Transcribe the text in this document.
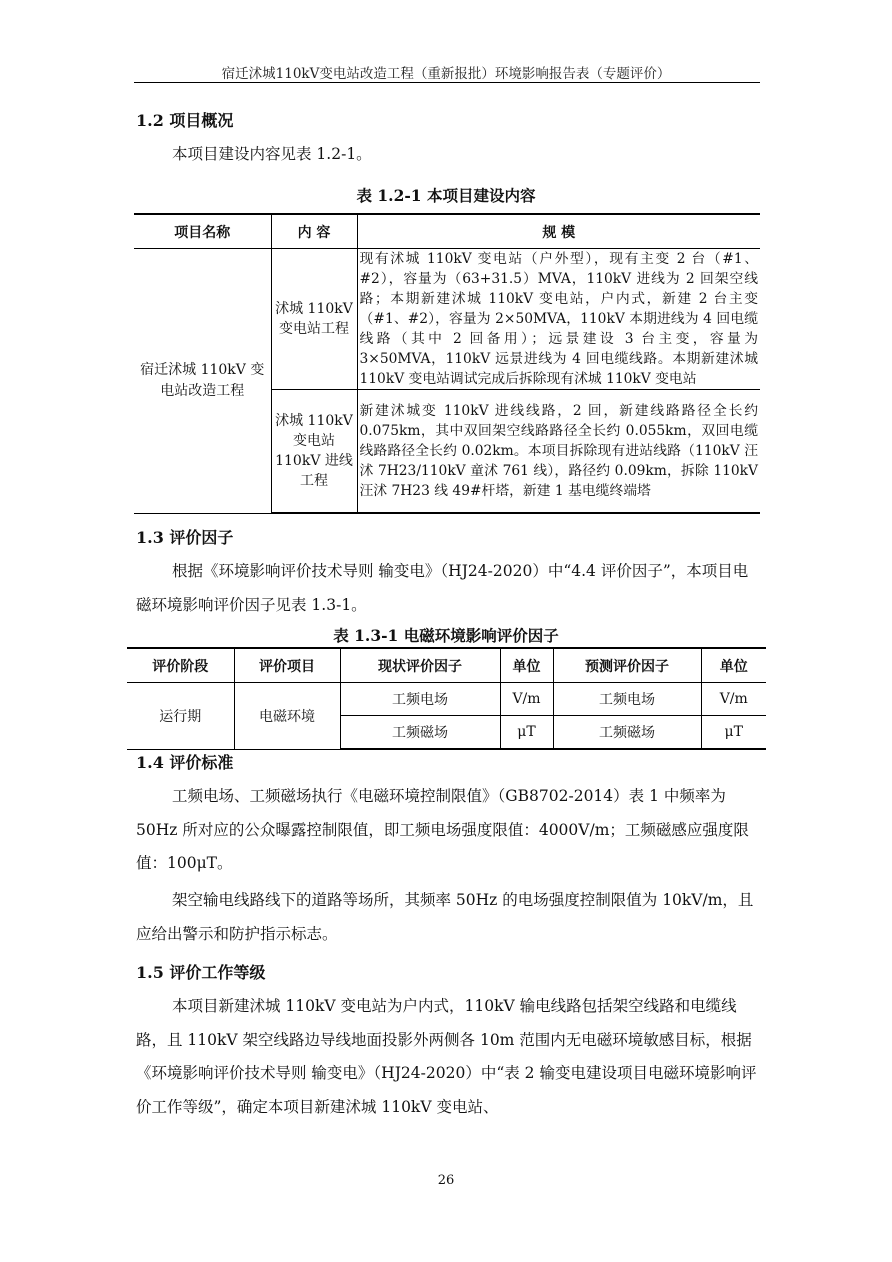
宿迁沭城110kV变电站改造工程（重新报批）环境影响报告表（专题评价）
1.2 项目概况
本项目建设内容见表 1.2-1。
表 1.2-1 本项目建设内容
项目名称	内 容	规 模
宿迁沭城 110kV 变电站改造工程	沭城 110kV 变电站工程	现有沭城 110kV 变电站（户外型），现有主变 2 台（#1、#2），容量为（63+31.5）MVA，110kV 进线为 2 回架空线路；本期新建沭城 110kV 变电站，户内式，新建 2 台主变（#1、#2），容量为 2×50MVA，110kV 本期进线为 4 回电缆线路（其中 2 回备用）；远景建设 3 台主变，容量为 3×50MVA，110kV 远景进线为 4 回电缆线路。本期新建沭城 110kV 变电站调试完成后拆除现有沭城 110kV 变电站
	沭城 110kV 变电站 110kV 进线工程	新建沭城变 110kV 进线线路，2 回，新建线路路径全长约 0.075km，其中双回架空线路路径全长约 0.055km，双回电缆线路路径全长约 0.02km。本项目拆除现有进站线路（110kV 汪沭 7H23/110kV 童沭 761 线），路径约 0.09km，拆除 110kV 汪沭 7H23 线 49#杆塔，新建 1 基电缆终端塔
1.3 评价因子
根据《环境影响评价技术导则 输变电》（HJ24-2020）中“4.4 评价因子”，本项目电磁环境影响评价因子见表 1.3-1。
表 1.3-1 电磁环境影响评价因子
评价阶段	评价项目	现状评价因子	单位	预测评价因子	单位
运行期	电磁环境	工频电场	V/m	工频电场	V/m
		工频磁场	μT	工频磁场	μT
1.4 评价标准
工频电场、工频磁场执行《电磁环境控制限值》（GB8702-2014）表 1 中频率为 50Hz 所对应的公众曝露控制限值，即工频电场强度限值：4000V/m；工频磁感应强度限值：100μT。
架空输电线路线下的道路等场所，其频率 50Hz 的电场强度控制限值为 10kV/m，且应给出警示和防护指示标志。
1.5 评价工作等级
本项目新建沭城 110kV 变电站为户内式，110kV 输电线路包括架空线路和电缆线路，且 110kV 架空线路边导线地面投影外两侧各 10m 范围内无电磁环境敏感目标，根据《环境影响评价技术导则 输变电》（HJ24-2020）中“表 2 输变电建设项目电磁环境影响评价工作等级”，确定本项目新建沭城 110kV 变电站、
26
